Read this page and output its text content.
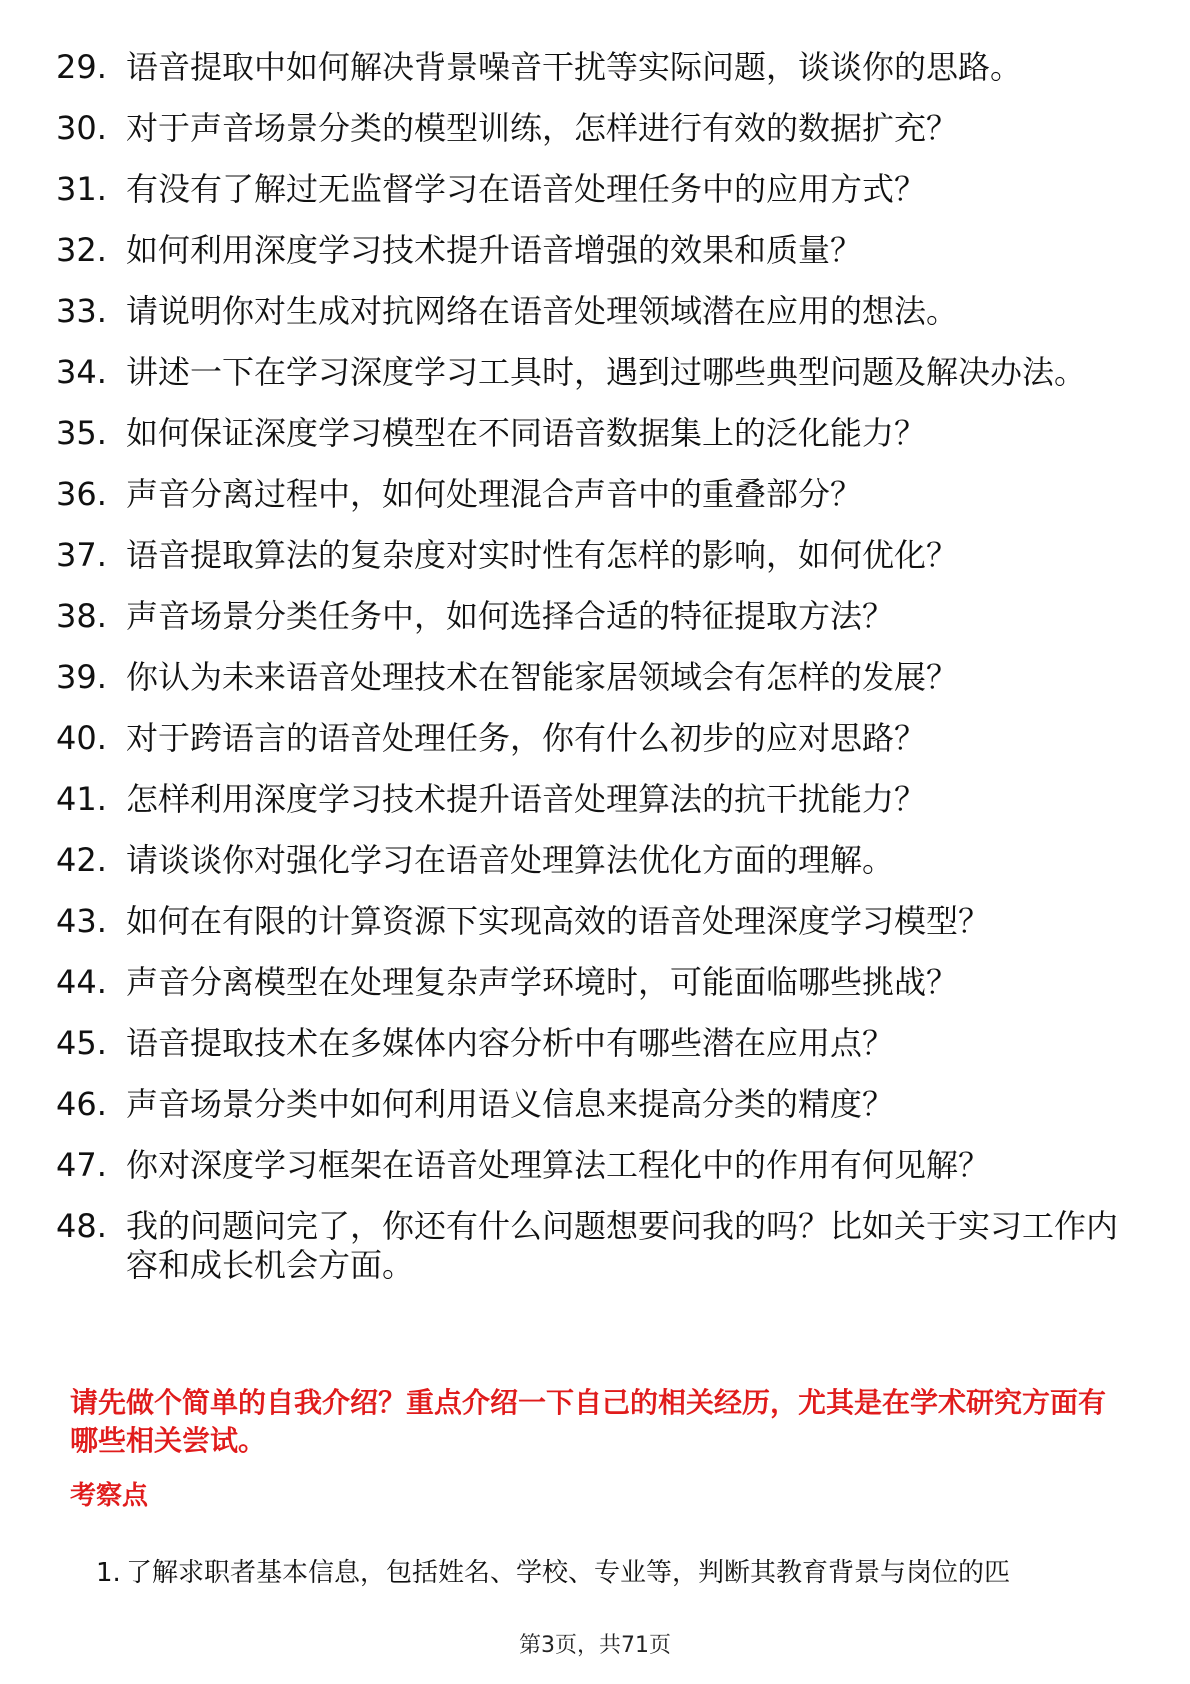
29. 语音提取中如何解决背景噪音干扰等实际问题，谈谈你的思路。
30. 对于声音场景分类的模型训练，怎样进行有效的数据扩充？
31. 有没有了解过无监督学习在语音处理任务中的应用方式？
32. 如何利用深度学习技术提升语音增强的效果和质量？
33. 请说明你对生成对抗网络在语音处理领域潜在应用的想法。
34. 讲述一下在学习深度学习工具时，遇到过哪些典型问题及解决办法。
35. 如何保证深度学习模型在不同语音数据集上的泛化能力？
36. 声音分离过程中，如何处理混合声音中的重叠部分？
37. 语音提取算法的复杂度对实时性有怎样的影响，如何优化？
38. 声音场景分类任务中，如何选择合适的特征提取方法？
39. 你认为未来语音处理技术在智能家居领域会有怎样的发展？
40. 对于跨语言的语音处理任务，你有什么初步的应对思路？
41. 怎样利用深度学习技术提升语音处理算法的抗干扰能力？
42. 请谈谈你对强化学习在语音处理算法优化方面的理解。
43. 如何在有限的计算资源下实现高效的语音处理深度学习模型？
44. 声音分离模型在处理复杂声学环境时，可能面临哪些挑战？
45. 语音提取技术在多媒体内容分析中有哪些潜在应用点？
46. 声音场景分类中如何利用语义信息来提高分类的精度？
47. 你对深度学习框架在语音处理算法工程化中的作用有何见解？
48. 我的问题问完了，你还有什么问题想要问我的吗？比如关于实习工作内容和成长机会方面。
请先做个简单的自我介绍？重点介绍一下自己的相关经历，尤其是在学术研究方面有哪些相关尝试。
考察点
1. 了解求职者基本信息，包括姓名、学校、专业等，判断其教育背景与岗位的匹
第3页，共71页
